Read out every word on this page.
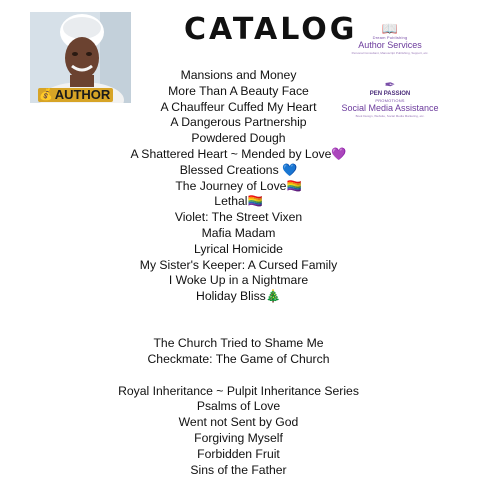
💰 AUTHOR
CATALOG	📖
Dream Publishing
Author Services
Personal Consultant, Manuscript Publishing, Support, etc.
✒
PEN PASSION
PROMOTIONS
Social Media Assistance
Book Design, Website, Social Media Marketing, etc.
Mansions and Money
More Than A Beauty Face
A Chauffeur Cuffed My Heart
A Dangerous Partnership
Powdered Dough
A Shattered Heart ~ Mended by Love💜
Blessed Creations 💙
The Journey of Love🏳️‍🌈
Lethal🏳️‍🌈
Violet: The Street Vixen
Mafia Madam
Lyrical Homicide
My Sister's Keeper: A Cursed Family
I Woke Up in a Nightmare
Holiday Bliss🎄
The Church Tried to Shame Me
Checkmate: The Game of Church
Royal Inheritance ~ Pulpit Inheritance Series
Psalms of Love
Went not Sent by God
Forgiving Myself
Forbidden Fruit
Sins of the Father
